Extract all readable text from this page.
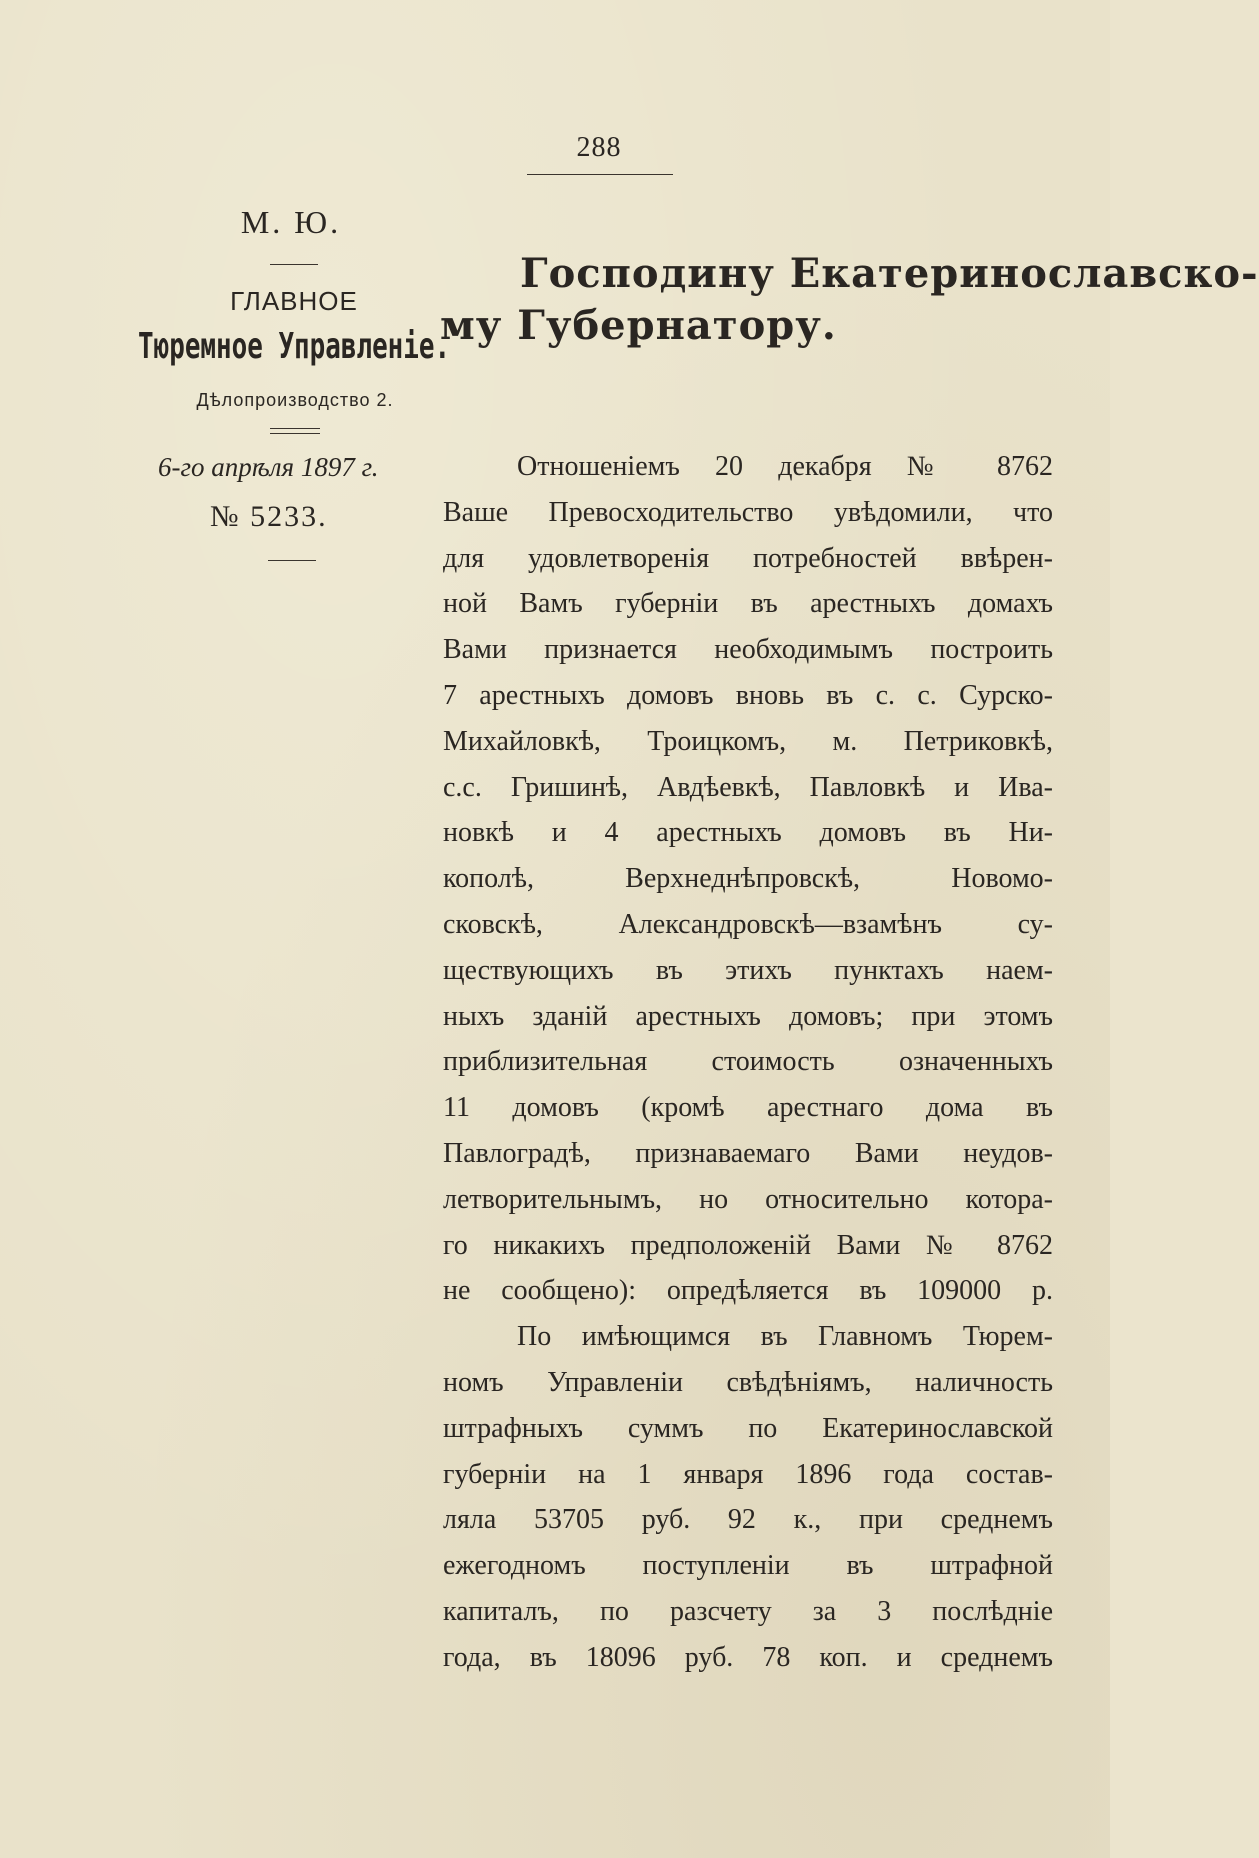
288
М. Ю.
ГЛАВНОЕ
Тюремное Управленіе.
Дѣлопроизводство 2.
6-го апрѣля 1897 г.
№ 5233.
Господину Екатеринославско-
му Губернатору.

Отношеніемъ 20 декабря № 8762
Ваше Превосходительство увѣдомили, что
для удовлетворенія потребностей ввѣрен-
ной Вамъ губерніи въ арестныхъ домахъ
Вами признается необходимымъ построить
7 арестныхъ домовъ вновь въ с. с. Сурско-
Михайловкѣ, Троицкомъ, м. Петриковкѣ,
с.с. Гришинѣ, Авдѣевкѣ, Павловкѣ и Ива-
новкѣ и 4 арестныхъ домовъ въ Ни-
кополѣ, Верхнеднѣпровскѣ, Новомо-
сковскѣ, Александровскѣ—взамѣнъ су-
ществующихъ въ этихъ пунктахъ наем-
ныхъ зданій арестныхъ домовъ; при этомъ
приблизительная стоимость означенныхъ
11 домовъ (кромѣ арестнаго дома въ
Павлоградѣ, признаваемаго Вами неудов-
летворительнымъ, но относительно котора-
го никакихъ предположеній Вами № 8762
не сообщено): опредѣляется въ 109000 р.

По имѣющимся въ Главномъ Тюрем-
номъ Управленіи свѣдѣніямъ, наличность
штрафныхъ суммъ по Екатеринославской
губерніи на 1 января 1896 года состав-
ляла 53705 руб. 92 к., при среднемъ
ежегодномъ поступленіи въ штрафной
капиталъ, по разсчету за 3 послѣдніе
года, въ 18096 руб. 78 коп. и среднемъ
